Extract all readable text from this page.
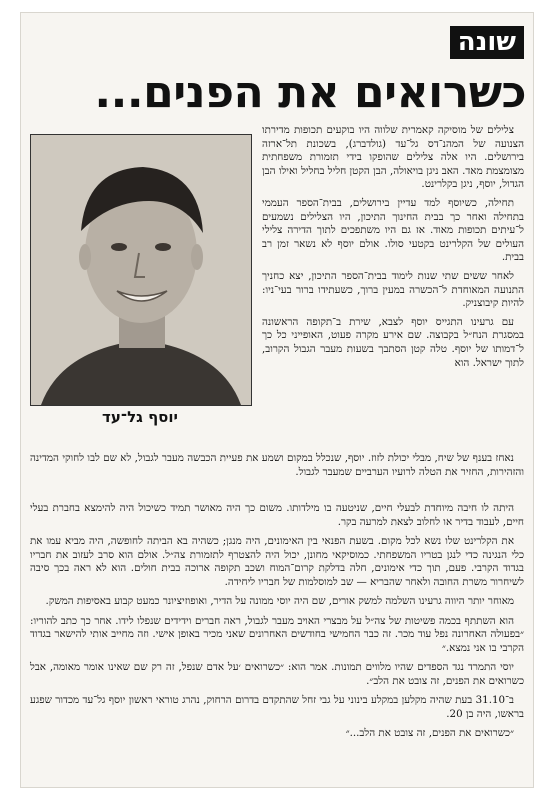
שונה
כשרואים את הפנים...

צלילים של מוסיקה קאמרית שלווה היו בוקעים תכופות מדירתו הצנועה של המהנ־דס גל־עד (גולדברג), בשכונת תל־ארזה בירושלים. היו אלה צלילים שהופקו בידי תזמורת משפחתית מצומצמת מאד. האב ניגן בויאולה, הבן הקטן חליל בחליל ואילו הבן הגדול, יוסף, ניגן בקלרינט.

תחילה, כשיוסף למד עדיין בירושלים, בבית־הספר העממי בתחילה ואחר כך בבית החינוך התיכון, היו הצלילים נשמעים ל־עיתים תכופות מאוד. אז גם היו משתפכים לתוך הדירה צלילי העולים של הקלרינט בקטעי סולו. אולם יוסף לא נשאר זמן רב בבית.

לאחר ששים שתי שנות לימוד בבית־הספר התיכון, יצא כחניך התנועה המאוחדת ל־הכשרה במעין ברוך, כשעתידו ברור בעי־ניו: להיות קיבוצניק.

עם גרעינו התגייס יוסף לצבא, שירת ב־תקופה הראשונה במסגרת הנח״ל בקבוצה. שם אירע מקרה פעוט, האופייני כל כך ל־דמותו של יוסף. טלה קטן הסתבך בשעות מעבר הגבול הקרוב, לתוך ישראל. הוא

יוסף גל־עד

נאחז בענף של שיח, מבלי יכולת לזוז. יוסף, שנכלל במקום ושמע את פעיית הכבשה מעבר לגבול, לא שם לבו לחוקי המדינה והזהירות, החזיר את הטלה לרועיו הערביים שמעבר לגבול.

היתה לו חיבה מיוחדת לבעלי חיים, שניטעה בו מילדותו. משום כך היה מאושר תמיד כשיכול היה להימצא בחברת בעלי חיים, לעבוד בדיר או לחלוב לצאת למרעה בקר.

את הקלרינט שלו נשא לכל מקום. בשעת הפנאי בין האימונים, היה מנגן; כשהיה בא הביתה לחופשה, היה מביא עמו את כלי הנגינה כדי לנגן בטריו המשפחתי. כמוסיקאי מחונן, יכול היה להצטרף לתזמורת צה״ל. אולם הוא סרב לעזוב את חבריו בגדוד הקרבי. פעם, תוך כדי אימונים, חלה בדלקת קרום־המוח ושכב תקופה ארוכה בבית חולים. הוא לא ראה בכך סיבה לשיחרור משרת החובה ולאחר שהבריא — שב למוסלמות של חבריו ליחידה.

מאוחר יותר היווה גרעינו השלמה למשק אורים, שם היה יוסי ממונה על הדיר, ואופוזיציונר כמעט קבוע באסיפות המשק.

הוא השתתף בכמה פשיטות של צה״ל על מבצרי האויב מעבר לגבול, ראה חברים וידידים שנפלו לידו. אחר כך כתב להוריו: ״בפעולה האחרונה נפל עוד מכר. זה כבר החמישי בחודשים האחרונים שאני מכיר באופן אישי. וזה מחייב אותי להישאר בגדוד הקרבי בו אני נמצא.״

יוסי התמרד נגד הספדים שהיו מלווים תמונות. אמר הוא: ״כשרואים ׳על אדם שנפל, זה רק שם שאינו אומר מאומה, אבל כשרואים את הפנים, זה צובט את הלב״.

ב־31.10 בעת שהיה מקלען במקלע בינוני על גבי זחל שהתקדם בדרום הרחוק, נהרג טוראי ראשון יוסף גל־עד מכדור שפגע בראשו, היה בן 20.

״כשרואים את הפנים, זה צובט את הלב...״
